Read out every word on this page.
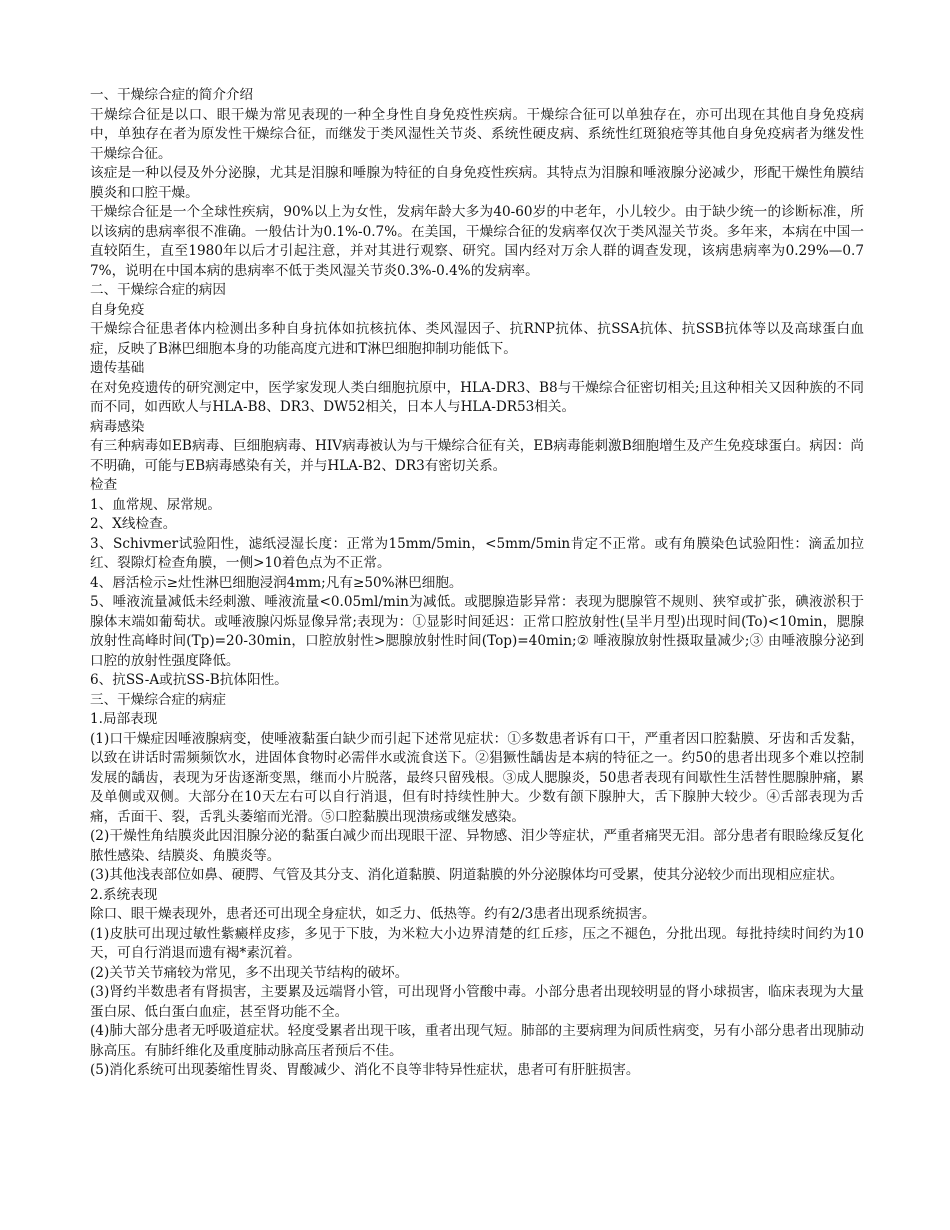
一、干燥综合症的简介介绍

干燥综合征是以口、眼干燥为常见表现的一种全身性自身免疫性疾病。干燥综合征可以单独存在，亦可出现在其他自身免疫病中，单独存在者为原发性干燥综合征，而继发于类风湿性关节炎、系统性硬皮病、系统性红斑狼疮等其他自身免疫病者为继发性干燥综合征。

该症是一种以侵及外分泌腺，尤其是泪腺和唾腺为特征的自身免疫性疾病。其特点为泪腺和唾液腺分泌减少，形配干燥性角膜结膜炎和口腔干燥。

干燥综合征是一个全球性疾病，90%以上为女性，发病年龄大多为40-60岁的中老年，小儿较少。由于缺少统一的诊断标准，所以该病的患病率很不准确。一般估计为0.1%-0.7%。在美国，干燥综合征的发病率仅次于类风湿关节炎。多年来，本病在中国一直较陌生，直至1980年以后才引起注意，并对其进行观察、研究。国内经对万余人群的调查发现，该病患病率为0.29%—0.77%，说明在中国本病的患病率不低于类风湿关节炎0.3%-0.4%的发病率。

二、干燥综合症的病因

自身免疫

干燥综合征患者体内检测出多种自身抗体如抗核抗体、类风湿因子、抗RNP抗体、抗SSA抗体、抗SSB抗体等以及高球蛋白血症，反映了B淋巴细胞本身的功能高度亢进和T淋巴细胞抑制功能低下。

遗传基础

在对免疫遗传的研究测定中，医学家发现人类白细胞抗原中，HLA-DR3、B8与干燥综合征密切相关;且这种相关又因种族的不同而不同，如西欧人与HLA-B8、DR3、DW52相关，日本人与HLA-DR53相关。

病毒感染

有三种病毒如EB病毒、巨细胞病毒、HIV病毒被认为与干燥综合征有关，EB病毒能刺激B细胞增生及产生免疫球蛋白。病因：尚不明确，可能与EB病毒感染有关，并与HLA-B2、DR3有密切关系。

检查

1、血常规、尿常规。

2、X线检查。

3、Schivmer试验阳性，滤纸浸湿长度：正常为15mm/5min，<5mm/5min肯定不正常。或有角膜染色试验阳性：滴孟加拉红、裂隙灯检查角膜，一侧>10着色点为不正常。

4、唇活检示≥灶性淋巴细胞浸润4mm;凡有≥50%淋巴细胞。

5、唾液流量减低未经刺激、唾液流量<0.05ml/min为减低。或腮腺造影异常：表现为腮腺管不规则、狭窄或扩张，碘液淤积于腺体末端如葡萄状。或唾液腺闪烁显像异常;表现为：①显影时间延迟：正常口腔放射性(呈半月型)出现时间(To)<10min，腮腺放射性高峰时间(Tp)=20-30min，口腔放射性>腮腺放射性时间(Top)=40min;② 唾液腺放射性摄取量减少;③ 由唾液腺分泌到口腔的放射性强度降低。

6、抗SS-A或抗SS-B抗体阳性。

三、干燥综合症的病症

1.局部表现

(1)口干燥症因唾液腺病变，使唾液黏蛋白缺少而引起下述常见症状：①多数患者诉有口干，严重者因口腔黏膜、牙齿和舌发黏，以致在讲话时需频频饮水，进固体食物时必需伴水或流食送下。②猖獗性龋齿是本病的特征之一。约50的患者出现多个难以控制发展的龋齿，表现为牙齿逐渐变黑，继而小片脱落，最终只留残根。③成人腮腺炎，50患者表现有间歇性生活替性腮腺肿痛，累及单侧或双侧。大部分在10天左右可以自行消退，但有时持续性肿大。少数有颌下腺肿大，舌下腺肿大较少。④舌部表现为舌痛，舌面干、裂，舌乳头萎缩而光滑。⑤口腔黏膜出现溃疡或继发感染。

(2)干燥性角结膜炎此因泪腺分泌的黏蛋白减少而出现眼干涩、异物感、泪少等症状，严重者痛哭无泪。部分患者有眼睑缘反复化脓性感染、结膜炎、角膜炎等。

(3)其他浅表部位如鼻、硬腭、气管及其分支、消化道黏膜、阴道黏膜的外分泌腺体均可受累，使其分泌较少而出现相应症状。

2.系统表现

除口、眼干燥表现外，患者还可出现全身症状，如乏力、低热等。约有2/3患者出现系统损害。

(1)皮肤可出现过敏性紫癜样皮疹，多见于下肢，为米粒大小边界清楚的红丘疹，压之不褪色，分批出现。每批持续时间约为10天，可自行消退而遗有褐*素沉着。

(2)关节关节痛较为常见，多不出现关节结构的破坏。

(3)肾约半数患者有肾损害，主要累及远端肾小管，可出现肾小管酸中毒。小部分患者出现较明显的肾小球损害，临床表现为大量蛋白尿、低白蛋白血症，甚至肾功能不全。

(4)肺大部分患者无呼吸道症状。轻度受累者出现干咳，重者出现气短。肺部的主要病理为间质性病变，另有小部分患者出现肺动脉高压。有肺纤维化及重度肺动脉高压者预后不佳。

(5)消化系统可出现萎缩性胃炎、胃酸减少、消化不良等非特异性症状，患者可有肝脏损害。
